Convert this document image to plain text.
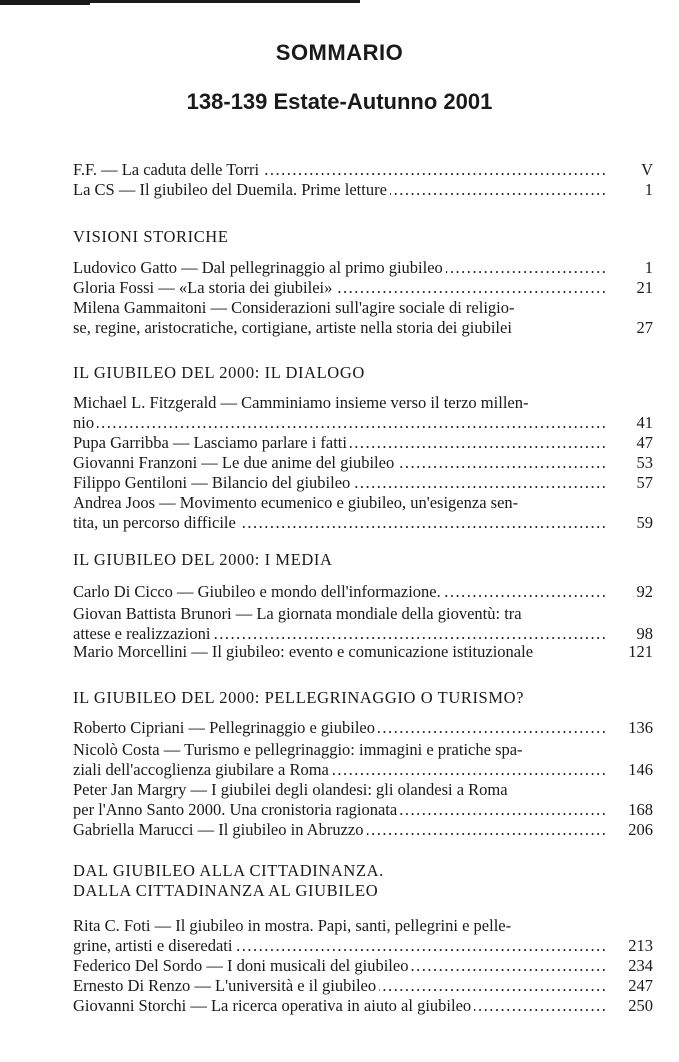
SOMMARIO
138-139 Estate-Autunno 2001
.....
F.F. — La caduta delle Torri	V
.....
La CS — Il giubileo del Duemila. Prime letture	1
VISIONI STORICHE
.....
Ludovico Gatto — Dal pellegrinaggio al primo giubileo	1
.....
Gloria Fossi — «La storia dei giubilei»	21
Milena Gammaitoni — Considerazioni sull'agire sociale di religio-
se, regine, aristocratiche, cortigiane, artiste nella storia dei giubilei	27
IL GIUBILEO DEL 2000: IL DIALOGO
Michael L. Fitzgerald — Camminiamo insieme verso il terzo millen-
.....
nio	41
.....
Pupa Garribba — Lasciamo parlare i fatti	47
.....
Giovanni Franzoni — Le due anime del giubileo	53
.....
Filippo Gentiloni — Bilancio del giubileo	57
Andrea Joos — Movimento ecumenico e giubileo, un'esigenza sen-
.....
tita, un percorso difficile	59
IL GIUBILEO DEL 2000: I MEDIA
.....
Carlo Di Cicco — Giubileo e mondo dell'informazione.	92
Giovan Battista Brunori — La giornata mondiale della gioventù: tra
.....
attese e realizzazioni	98
Mario Morcellini — Il giubileo: evento e comunicazione istituzionale	121
IL GIUBILEO DEL 2000: PELLEGRINAGGIO O TURISMO?
.....
Roberto Cipriani — Pellegrinaggio e giubileo	136
Nicolò Costa — Turismo e pellegrinaggio: immagini e pratiche spa-
.....
ziali dell'accoglienza giubilare a Roma	146
Peter Jan Margry — I giubilei degli olandesi: gli olandesi a Roma
.....
per l'Anno Santo 2000. Una cronistoria ragionata	168
.....
Gabriella Marucci — Il giubileo in Abruzzo	206
DAL GIUBILEO ALLA CITTADINANZA.
DALLA CITTADINANZA AL GIUBILEO
Rita C. Foti — Il giubileo in mostra. Papi, santi, pellegrini e pelle-
.....
grine, artisti e diseredati	213
.....
Federico Del Sordo — I doni musicali del giubileo	234
.....
Ernesto Di Renzo — L'università e il giubileo	247
.....
Giovanni Storchi — La ricerca operativa in aiuto al giubileo	250
